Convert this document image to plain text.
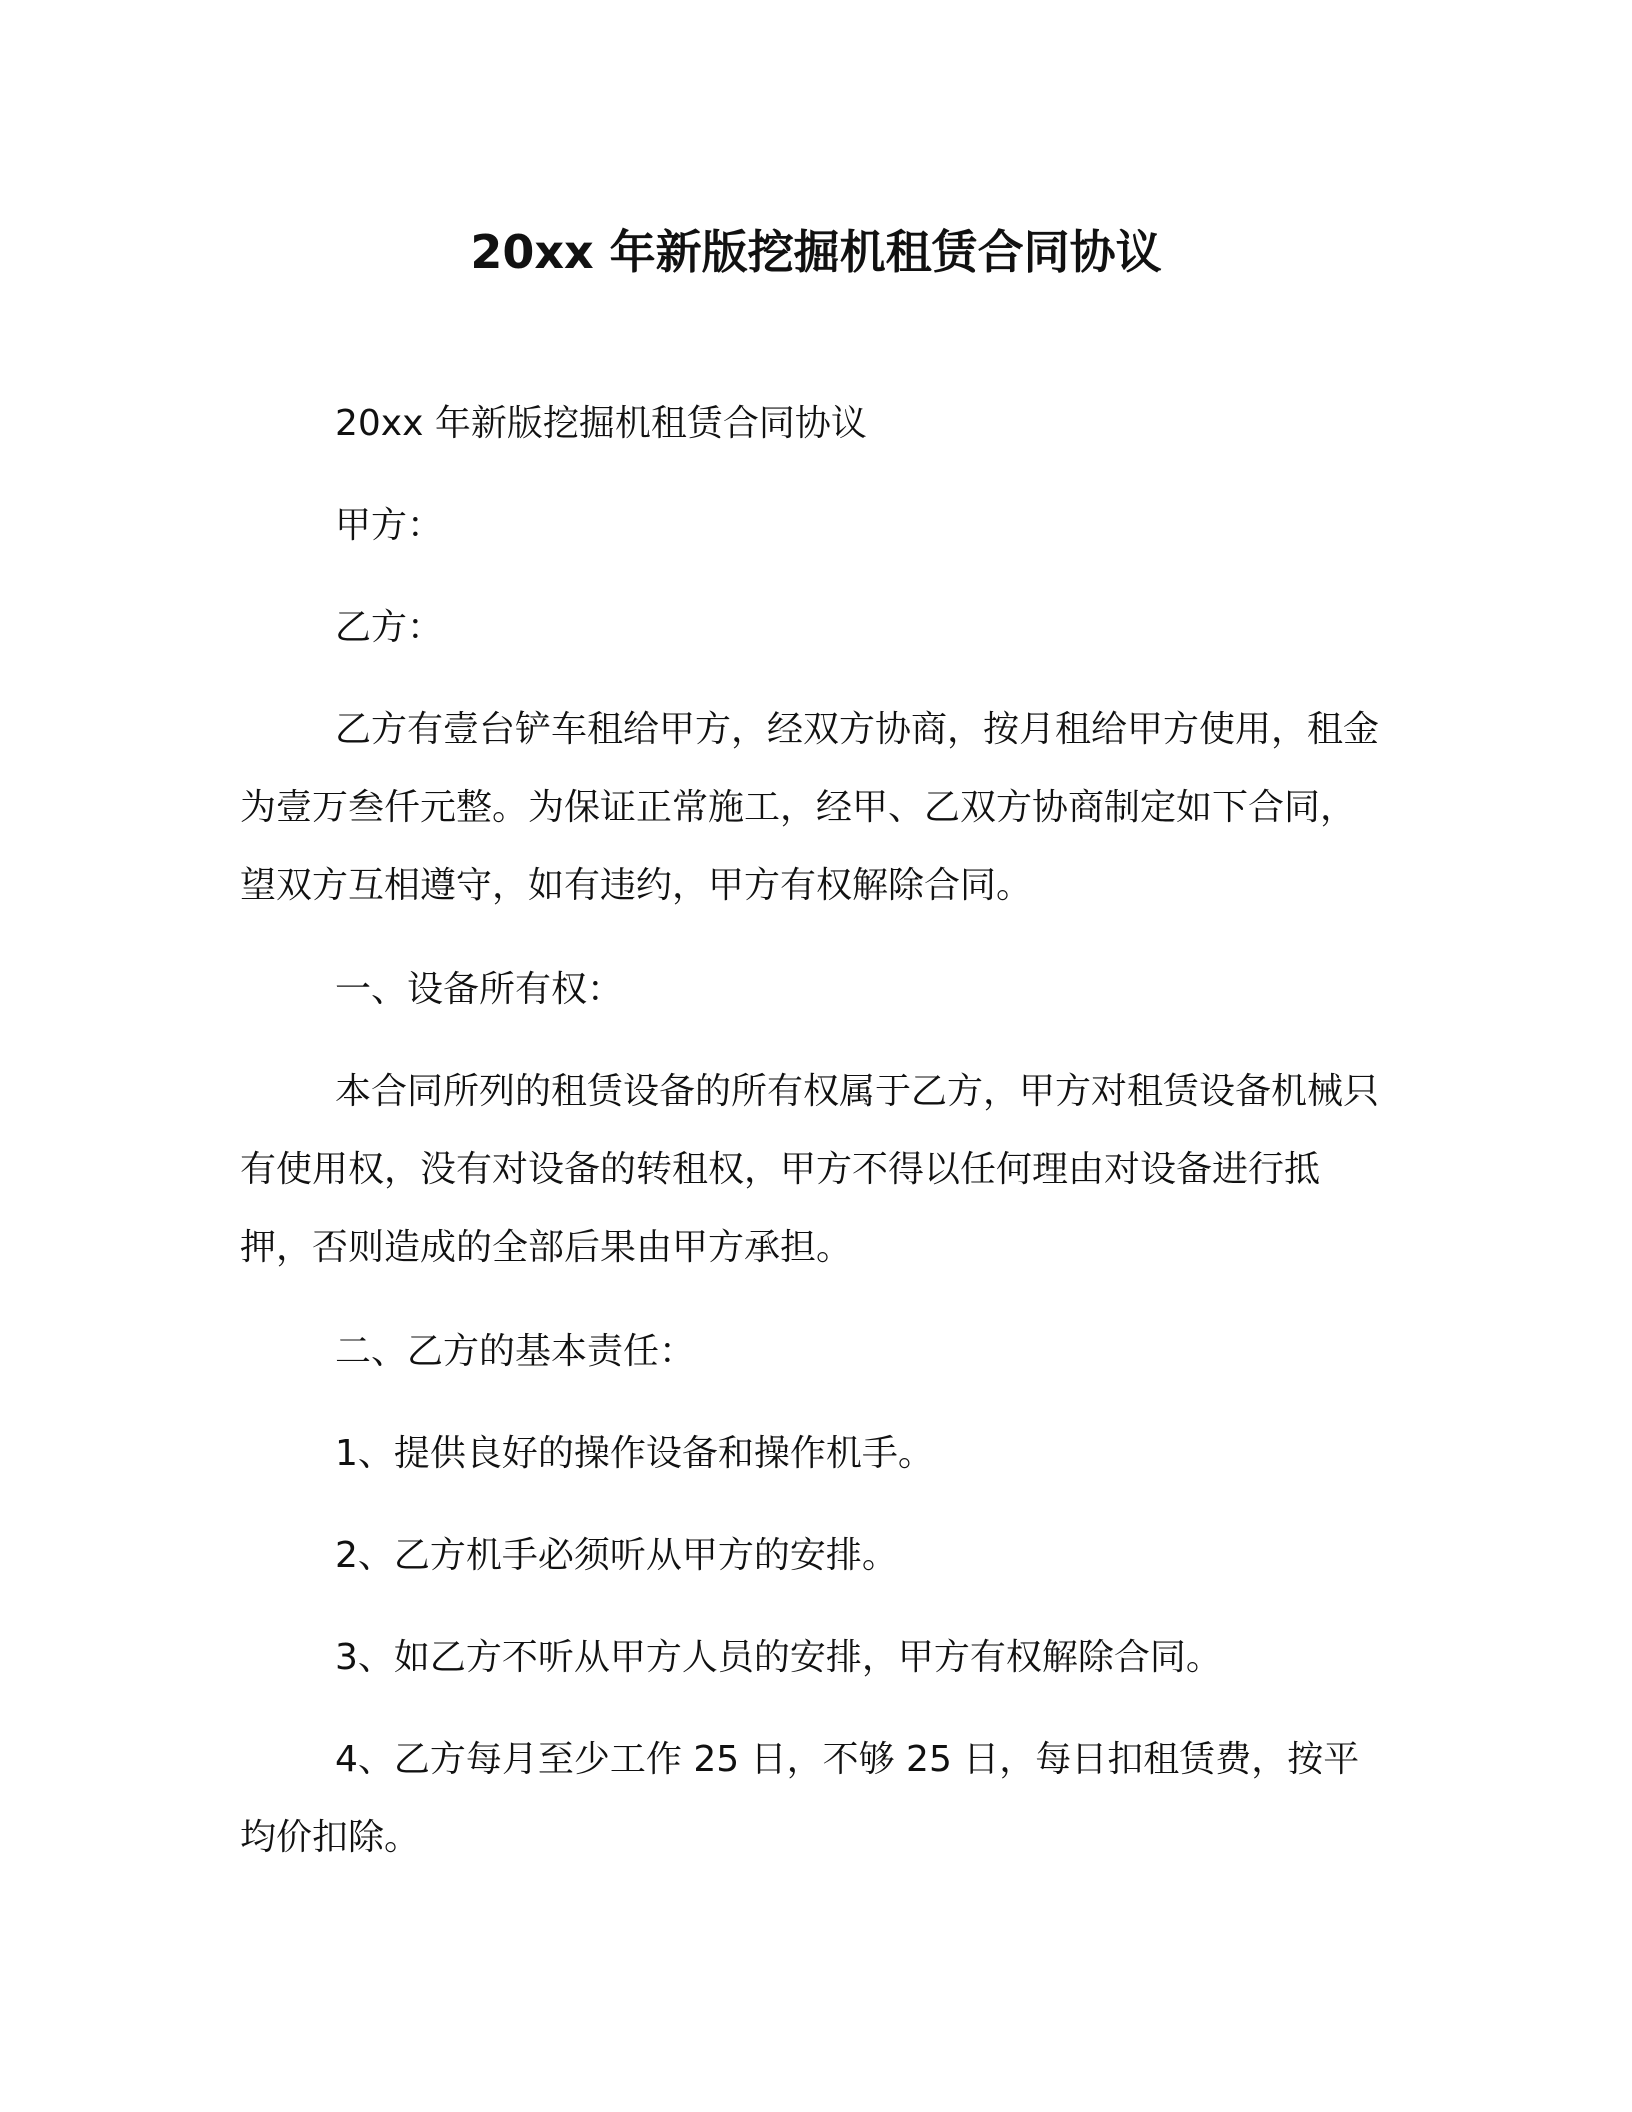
20xx 年新版挖掘机租赁合同协议

20xx 年新版挖掘机租赁合同协议

甲方：

乙方：

乙方有壹台铲车租给甲方，经双方协商，按月租给甲方使用，租金为壹万叁仟元整。为保证正常施工，经甲、乙双方协商制定如下合同，望双方互相遵守，如有违约，甲方有权解除合同。

一、设备所有权：

本合同所列的租赁设备的所有权属于乙方，甲方对租赁设备机械只有使用权，没有对设备的转租权，甲方不得以任何理由对设备进行抵押，否则造成的全部后果由甲方承担。

二、乙方的基本责任：

1、提供良好的操作设备和操作机手。

2、乙方机手必须听从甲方的安排。

3、如乙方不听从甲方人员的安排，甲方有权解除合同。

4、乙方每月至少工作 25 日，不够 25 日，每日扣租赁费，按平均价扣除。
